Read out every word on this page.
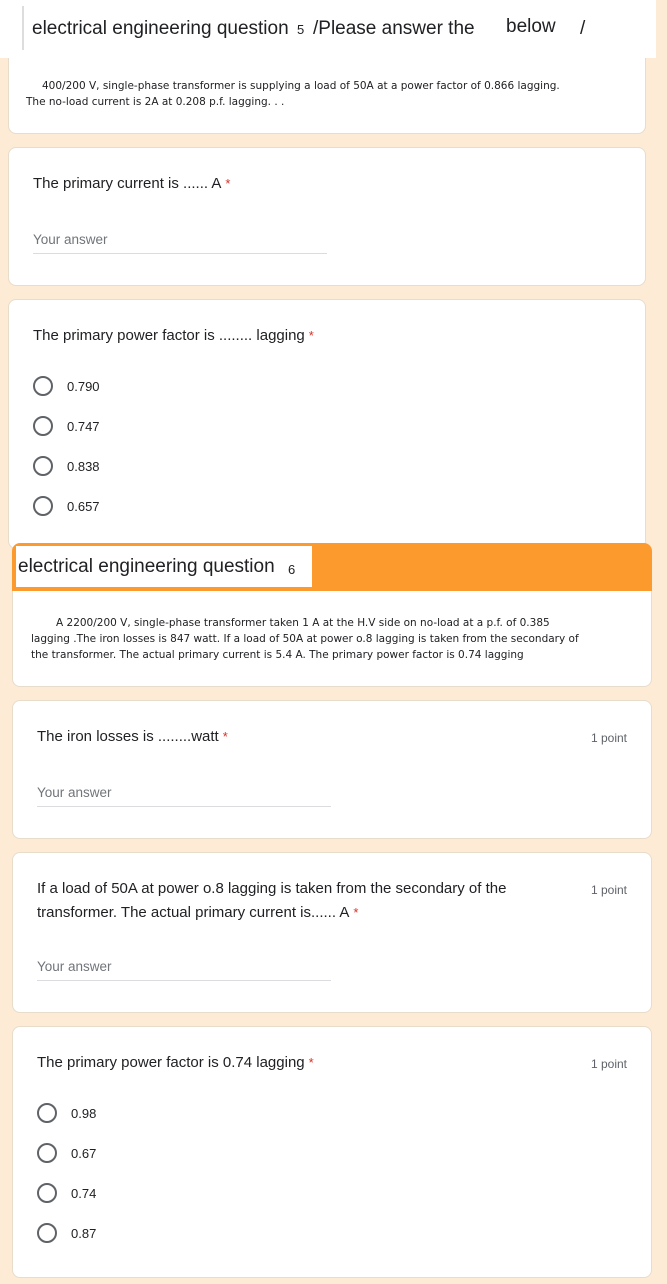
electrical engineering question 5 /Please answer the below /
400/200 V, single-phase transformer is supplying a load of 50A at a power factor of 0.866 lagging.
The no-load current is 2A at 0.208 p.f. lagging. . .
The primary current is ...... A *
Your answer
The primary power factor is ........ lagging *
0.790
0.747
0.838
0.657
electrical engineering question 6
A 2200/200 V, single-phase transformer taken 1 A at the H.V side on no-load at a p.f. of 0.385
lagging .The iron losses is 847 watt. If a load of 50A at power o.8 lagging is taken from the secondary of
the transformer. The actual primary current is 5.4 A. The primary power factor is 0.74 lagging
The iron losses is ........watt *	1 point
Your answer
If a load of 50A at power o.8 lagging is taken from the secondary of the
transformer. The actual primary current is...... A *
1 point
Your answer
The primary power factor is 0.74 lagging *	1 point
0.98
0.67
0.74
0.87
